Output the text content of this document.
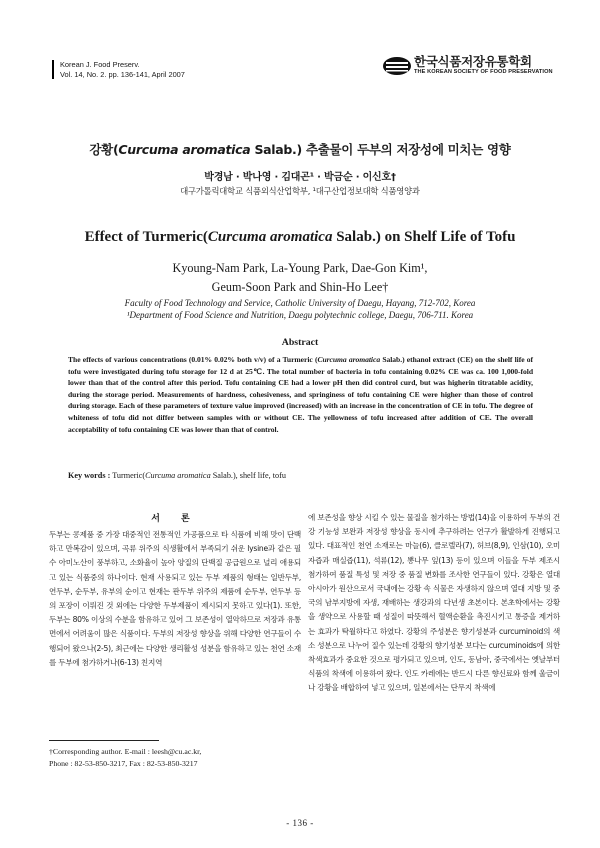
Korean J. Food Preserv.
Vol. 14, No. 2. pp. 136-141, April 2007
한국식품저장유통학회
THE KOREAN SOCIETY OF FOOD PRESERVATION
강황(Curcuma aromatica Salab.) 추출물이 두부의 저장성에 미치는 영향
박경남 · 박나영 · 김대곤¹ · 박금순 · 이신호†
대구가톨릭대학교 식품외식산업학부, ¹대구산업정보대학 식품영양과
Effect of Turmeric(Curcuma aromatica Salab.) on Shelf Life of Tofu
Kyoung-Nam Park, La-Young Park, Dae-Gon Kim¹,
Geum-Soon Park and Shin-Ho Lee†
Faculty of Food Technology and Service, Catholic University of Daegu, Hayang, 712-702, Korea
¹Department of Food Science and Nutrition, Daegu polytechnic college, Daegu, 706-711. Korea
Abstract
The effects of various concentrations (0.01% 0.02% both v/v) of a Turmeric (Curcuma aromatica Salab.) ethanol extract (CE) on the shelf life of tofu were investigated during tofu storage for 12 d at 25℃. The total number of bacteria in tofu containing 0.02% CE was ca. 100 1,000-fold lower than that of the control after this period. Tofu containing CE had a lower pH then did control curd, but was higherin titratable acidity, during the storage period. Measurements of hardness, cohesiveness, and springiness of tofu containing CE were higher than those of control during storage. Each of these parameters of texture value improved (increased) with an increase in the concentration of CE in tofu. The degree of whiteness of tofu did not differ between samples with or without CE. The yellowness of tofu increased after addition of CE. The overall acceptability of tofu containing CE was lower than that of control.
Key words : Turmeric(Curcuma aromatica Salab.), shelf life, tofu
서 론
두부는 콩제품 중 가장 대중적인 전통적인 가공품으로 타 식품에 비해 맛이 단백하고 만복감이 있으며, 곡류 위주의 식생활에서 부족되기 쉬운 lysine과 같은 필수 아미노산이 풍부하고, 소화율이 높아 양질의 단백질 공급원으로 널리 애용되고 있는 식품중의 하나이다. 현재 사용되고 있는 두부 제품의 형태는 일반두부, 연두부, 순두부, 유부의 순이고 현재는 판두부 위주의 제품에 순두부, 연두부 등의 포장이 이뤄진 것 외에는 다양한 두부제품이 제시되지 못하고 있다(1). 또한, 두부는 80% 이상의 수분을 함유하고 있어 그 보존성이 열악하므로 저장과 유통면에서 어려움이 많은 식품이다. 두부의 저장성 향상을 위해 다양한 연구들이 수행되어 왔으나(2-5), 최근에는 다양한 생리활성 성분을 함유하고 있는 천연 소재를 두부에 첨가하거나(6-13) 친지역
에 보존성을 향상 시킬 수 있는 물질을 첨가하는 방법(14)을 이용하여 두부의 건강 기능성 보완과 저장성 향상을 동시에 추구하려는 연구가 활발하게 진행되고 있다. 대표적인 천연 소재로는 마늘(6), 클로렐라(7), 허브(8,9), 인삼(10), 오미자즙과 매실즙(11), 석류(12), 뽕나무 잎(13) 등이 있으며 이들을 두부 제조시 첨가하여 품질 특성 및 저장 중 품질 변화를 조사한 연구들이 있다. 강황은 열대 아시아가 원산으로서 국내에는 강황 속 식물은 자생하지 않으며 열대 지방 및 중국의 남부지방에 자생, 재배하는 생강과의 다년생 초본이다. 본초학에서는 강황을 생약으로 사용할 때 성질이 따뜻해서 혈액순환을 촉진시키고 통증을 제거하는 효과가 탁월하다고 하였다. 강황의 주성분은 향기성분과 curcuminoid의 색소 성분으로 나누어 질수 있는데 강황의 향기성분 보다는 curcuminoids에 의한 착색효과가 중요한 것으로 평가되고 있으며, 인도, 동남아, 중국에서는 옛날부터 식품의 착색에 이용하여 왔다. 인도 카레에는 반드시 다른 향신료와 함께 울금이나 강황을 배합하여 넣고 있으며, 일본에서는 단무지 착색에
†Corresponding author. E-mail : leesh@cu.ac.kr,
Phone : 82-53-850-3217, Fax : 82-53-850-3217
- 136 -
